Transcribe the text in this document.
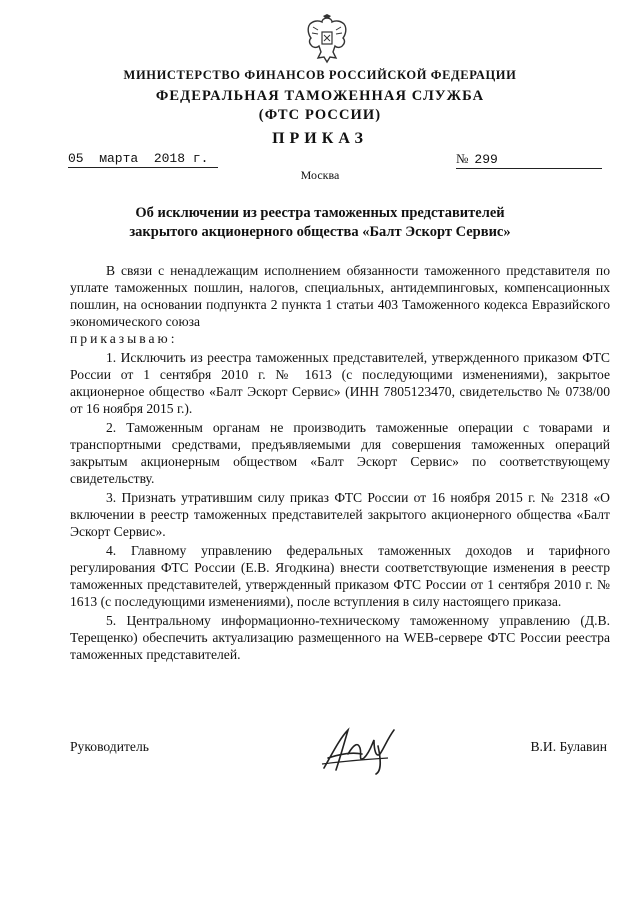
МИНИСТЕРСТВО ФИНАНСОВ РОССИЙСКОЙ ФЕДЕРАЦИИ
ФЕДЕРАЛЬНАЯ ТАМОЖЕННАЯ СЛУЖБА
(ФТС РОССИИ)
ПРИКАЗ
05  марта  2018 г.	№ 299
Москва
Об исключении из реестра таможенных представителей
закрытого акционерного общества «Балт Эскорт Сервис»

В связи с ненадлежащим исполнением обязанности таможенного представителя по уплате таможенных пошлин, налогов, специальных, антидемпинговых, компенсационных пошлин, на основании подпункта 2 пункта 1 статьи 403 Таможенного кодекса Евразийского экономического союза
приказываю:

1. Исключить из реестра таможенных представителей, утвержденного приказом ФТС России от 1 сентября 2010 г. № 1613 (с последующими изменениями), закрытое акционерное общество «Балт Эскорт Сервис» (ИНН 7805123470, свидетельство № 0738/00 от 16 ноября 2015 г.).

2. Таможенным органам не производить таможенные операции с товарами и транспортными средствами, предъявляемыми для совершения таможенных операций закрытым акционерным обществом «Балт Эскорт Сервис» по соответствующему свидетельству.

3. Признать утратившим силу приказ ФТС России от 16 ноября 2015 г. № 2318 «О включении в реестр таможенных представителей закрытого акционерного общества «Балт Эскорт Сервис».

4. Главному управлению федеральных таможенных доходов и тарифного регулирования ФТС России (Е.В. Ягодкина) внести соответствующие изменения в реестр таможенных представителей, утвержденный приказом ФТС России от 1 сентября 2010 г. № 1613 (с последующими изменениями), после вступления в силу настоящего приказа.

5. Центральному информационно-техническому таможенному управлению (Д.В. Терещенко) обеспечить актуализацию размещенного на WEB-сервере ФТС России реестра таможенных представителей.

Руководитель	В.И. Булавин
